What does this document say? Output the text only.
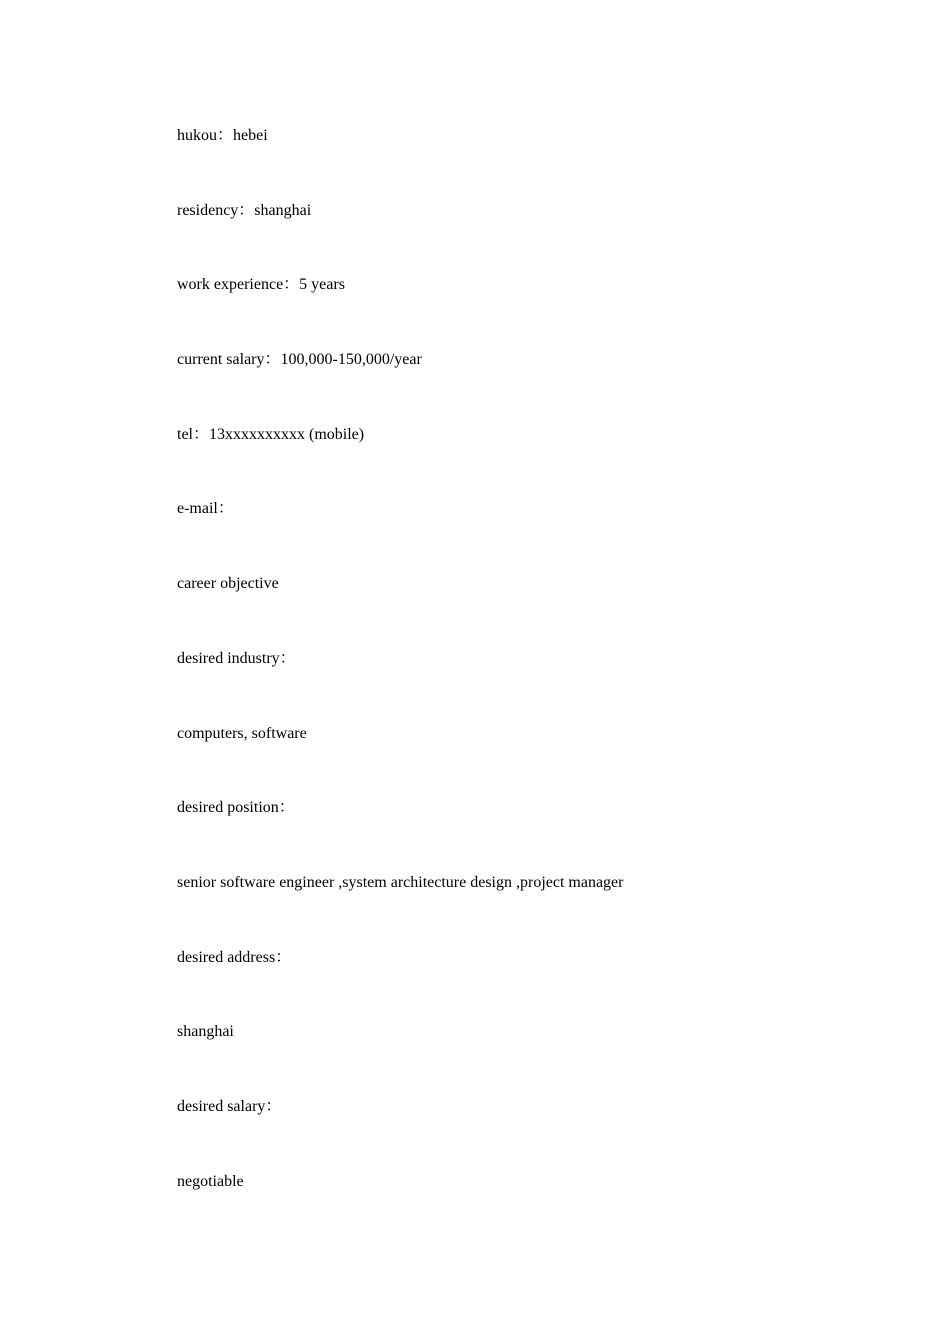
hukou：hebei
residency：shanghai
work experience：5 years
current salary：100,000-150,000/year
tel：13xxxxxxxxxx (mobile)
e-mail：
career objective
desired industry：
computers, software
desired position：
senior software engineer ,system architecture design ,project manager
desired address：
shanghai
desired salary：
negotiable
